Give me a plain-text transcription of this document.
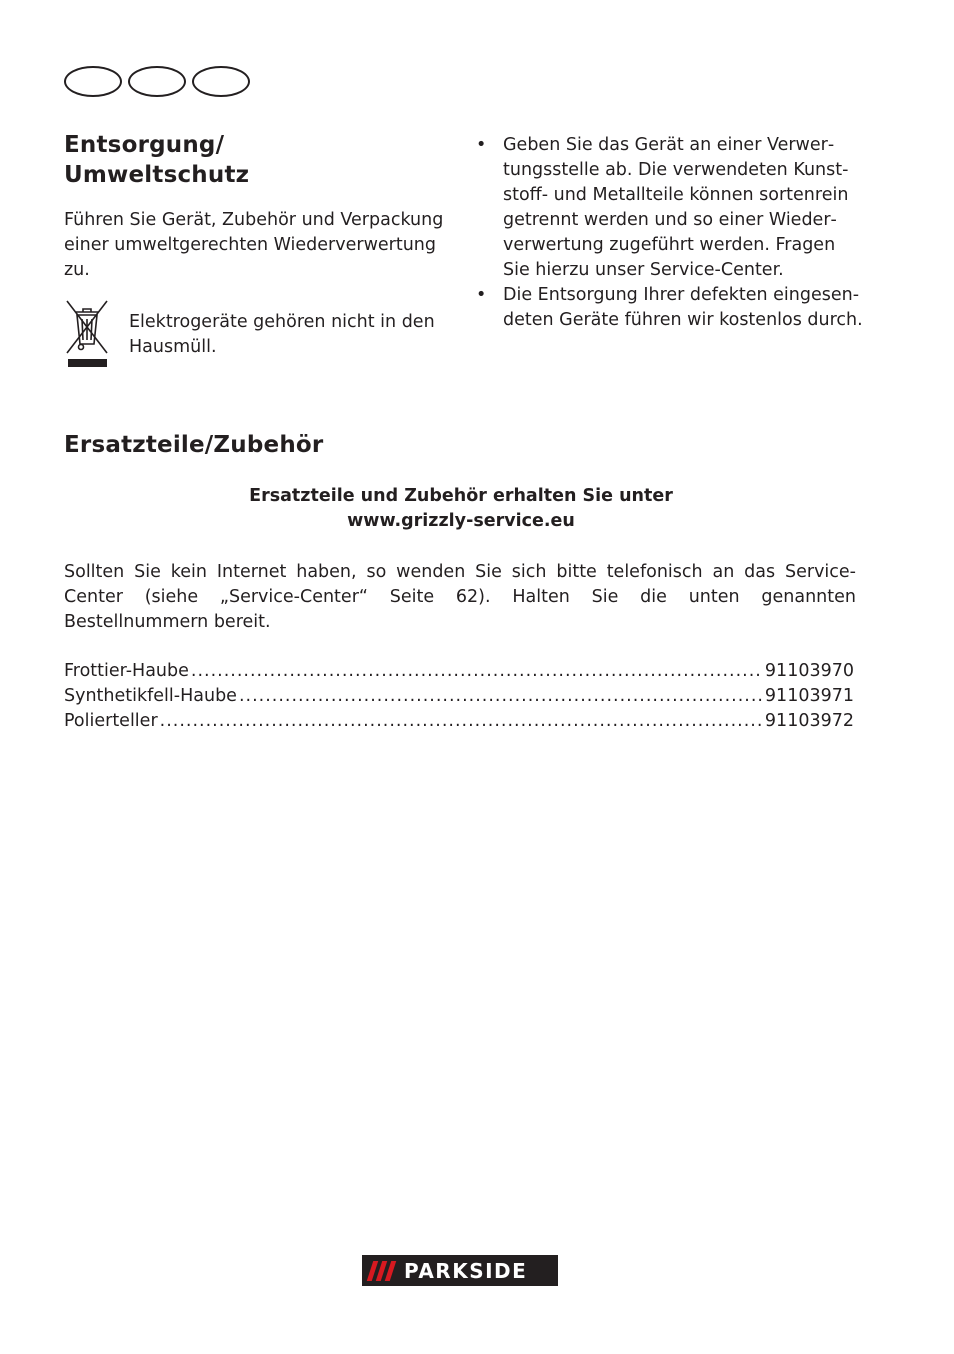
Entsorgung/
Umweltschutz

Führen Sie Gerät, Zubehör und Verpackung einer umweltgerechten Wiederverwertung zu.

Elektrogeräte gehören nicht in den Hausmüll.

• Geben Sie das Gerät an einer Verwertungsstelle ab. Die verwendeten Kunststoff- und Metallteile können sortenrein getrennt werden und so einer Wiederverwertung zugeführt werden. Fragen Sie hierzu unser Service-Center.
• Die Entsorgung Ihrer defekten eingesendeten Geräte führen wir kostenlos durch.
Ersatzteile/Zubehör
Ersatzteile und Zubehör erhalten Sie unter
www.grizzly-service.eu

Sollten Sie kein Internet haben, so wenden Sie sich bitte telefonisch an das Service-Center (siehe „Service-Center“ Seite 62). Halten Sie die unten genannten Bestellnummern bereit.

Frottier-Haube .....	91103970
Synthetikfell-Haube .....	91103971
Polierteller .....	91103972
PARKSIDE
